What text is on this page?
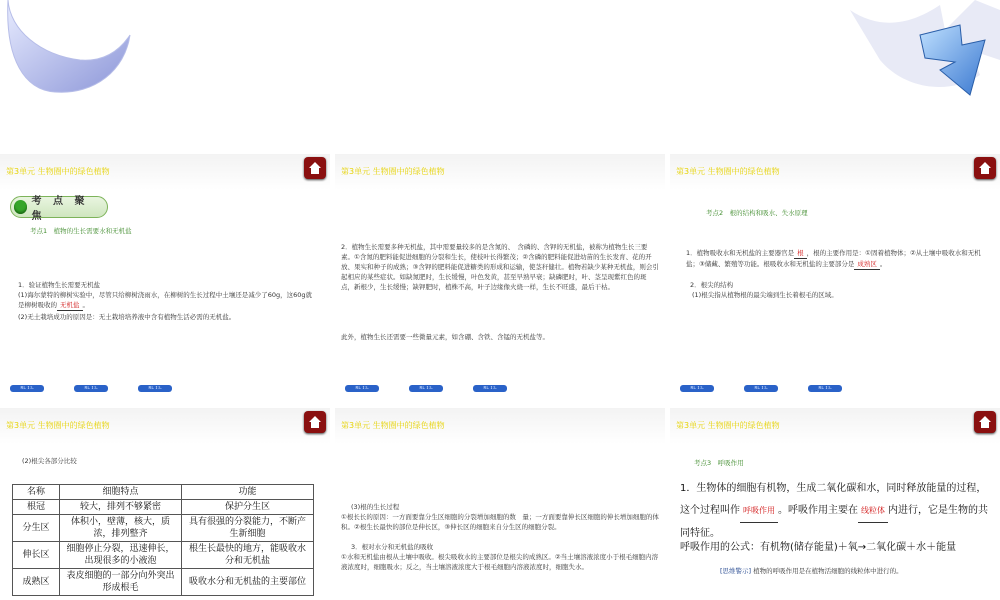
第3单元 生物圈中的绿色植物
考 点 聚 焦
考点1　植物的生长需要水和无机盐
1．验证植物生长需要无机盐
(1)海尔蒙特的柳树实验中，尽管只给柳树浇雨水，在柳树的生长过程中土壤还是减少了60g，这60g就是柳树吸收的 无机盐 。
(2)无土栽培成功的原因是：无土栽培培养液中含有植物生活必需的无机盐。
ʀʟ ɪ:ʟ	ʀʟ ɪ:ʟ	ʀʟ ɪ:ʟ
第3单元 生物圈中的绿色植物
2．植物生长需要多种无机盐，其中需要量较多的是含氮的、　含磷的、含钾的无机盐，被称为植物生长三要素。①含氮的肥料能促进细胞的分裂和生长，使枝叶长得繁茂；②含磷的肥料能促进幼苗的生长发育、花的开放、果实和种子的成熟；③含钾的肥料能促进糖类的形成和运输，使茎秆健壮。植物若缺少某种无机盐，则会引起相应的某些症状。如缺氮肥时，生长缓慢，叶色发黄，甚至早熟早衰；缺磷肥时，叶、茎呈现紫红色的斑点，新根少，生长缓慢；缺钾肥时，植株不高，叶子边缘像火烧一样，生长不旺盛，最后干枯。
此外，植物生长还需要一些微量元素，如含硼、含铁、含锰的无机盐等。
ʀʟ ɪ:ʟ	ʀʟ ɪ:ʟ	ʀʟ ɪ:ʟ
第3单元 生物圈中的绿色植物
考点2　根的结构和吸水、失水原理
1．植物吸收水和无机盐的主要器官是 根 ，根的主要作用是：①固着植物体；②从土壤中吸收水和无机盐；③储藏、繁殖等功能。根吸收水和无机盐的主要部分是 成熟区 。
2．根尖的结构
(1)根尖指从植物根的最尖端到生长着根毛的区域。
ʀʟ ɪ:ʟ	ʀʟ ɪ:ʟ	ʀʟ ɪ:ʟ
第3单元 生物圈中的绿色植物
(2)根尖各部分比较
名称	细胞特点	功能
根冠	较大，排列不够紧密	保护分生区
分生区	体积小，壁薄，核大，质浓，排列整齐	具有很强的分裂能力，不断产生新细胞
伸长区	细胞停止分裂，迅速伸长，出现很多的小液泡	根生长最快的地方，能吸收水分和无机盐
成熟区	表皮细胞的一部分向外突出形成根毛	吸收水分和无机盐的主要部位
第3单元 生物圈中的绿色植物
(3)根的生长过程
①根长长的原因：一方面要靠分生区细胞的分裂增加细胞的数　量；一方面要靠伸长区细胞的伸长增加细胞的体积。②根生长最快的部位是伸长区，③伸长区的细胞来自分生区的细胞分裂。
3．根对水分和无机盐的吸收
①水和无机盐由根从土壤中吸收。根尖吸收水的主要部位是根尖的成熟区。②当土壤溶液浓度小于根毛细胞内溶液浓度时，细胞吸水；反之，当土壤溶液浓度大于根毛细胞内溶液浓度时，细胞失水。
第3单元 生物圈中的绿色植物
考点3　呼吸作用
1．生物体的细胞有机物，生成二氧化碳和水，同时释放能量的过程，这个过程叫作 呼吸作用 。呼吸作用主要在 线粒体 内进行，它是生物的共同特征。
呼吸作用的公式：有机物(储存能量)＋氧→二氧化碳＋水＋能量
[思维警示] 植物的呼吸作用是在植物活细胞的线粒体中进行的。
